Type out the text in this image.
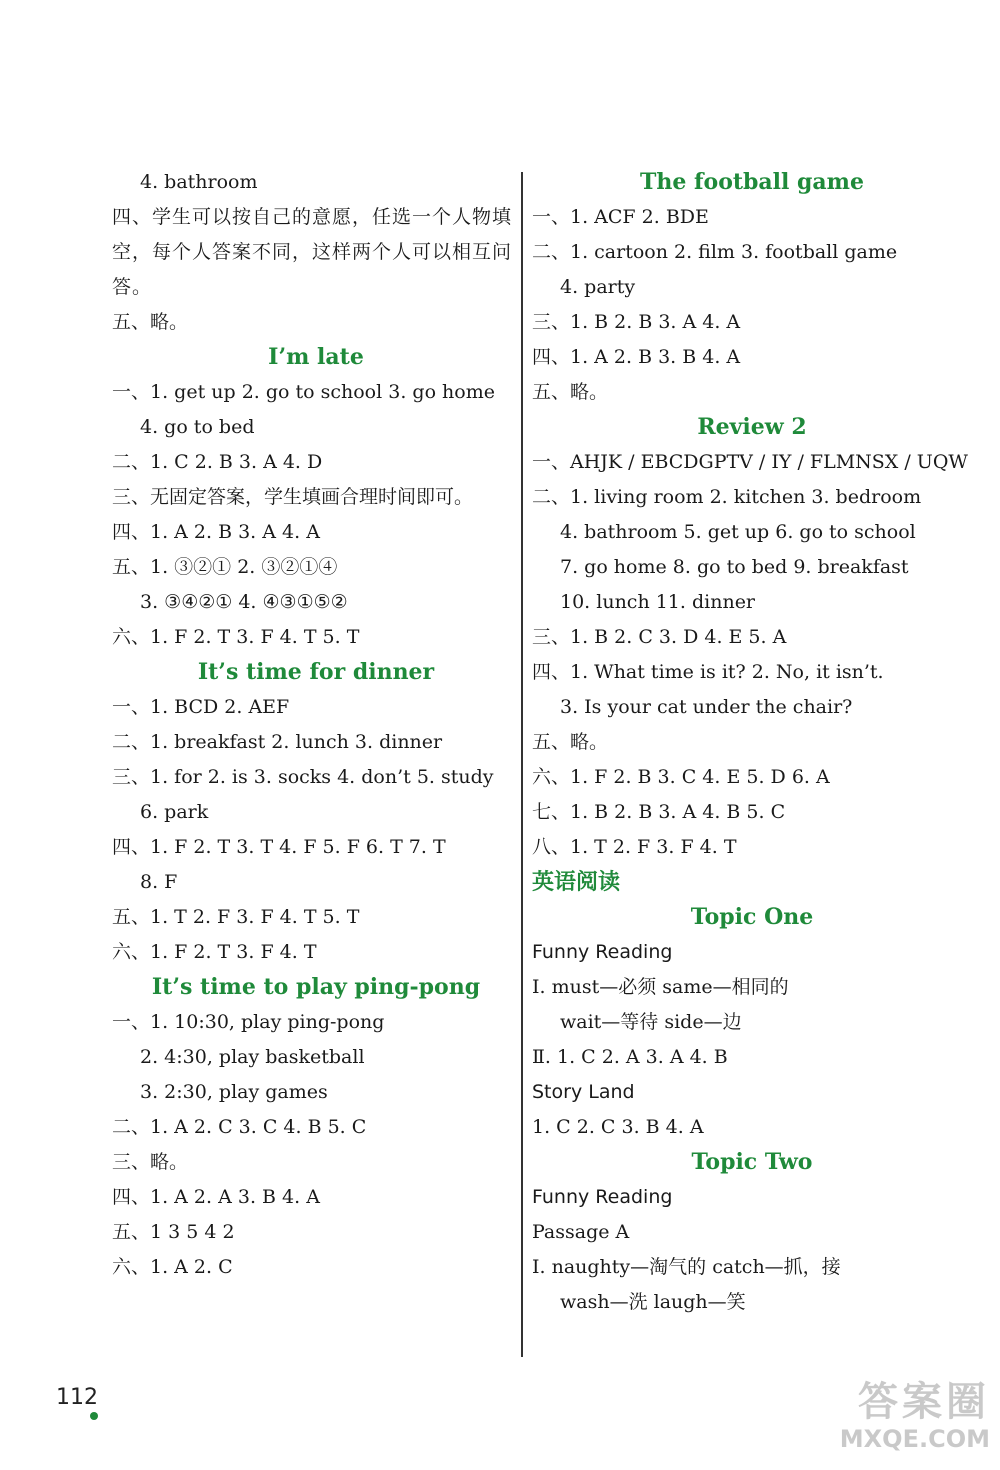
4. bathroom
四、学生可以按自己的意愿，任选一个人物填空，每个人答案不同，这样两个人可以相互问答。
五、略。
I’m late
一、1. get up 2. go to school 3. go home
4. go to bed
二、1. C 2. B 3. A 4. D
三、无固定答案，学生填画合理时间即可。
四、1. A 2. B 3. A 4. A
五、1. ③②① 2. ③②①④
3. ③④②① 4. ④③①⑤②
六、1. F 2. T 3. F 4. T 5. T
It’s time for dinner
一、1. BCD 2. AEF
二、1. breakfast 2. lunch 3. dinner
三、1. for 2. is 3. socks 4. don’t 5. study
6. park
四、1. F 2. T 3. T 4. F 5. F 6. T 7. T
8. F
五、1. T 2. F 3. F 4. T 5. T
六、1. F 2. T 3. F 4. T
It’s time to play ping-pong
一、1. 10:30, play ping-pong
2. 4:30, play basketball
3. 2:30, play games
二、1. A 2. C 3. C 4. B 5. C
三、略。
四、1. A 2. A 3. B 4. A
五、1 3 5 4 2
六、1. A 2. C
The football game
一、1. ACF 2. BDE
二、1. cartoon 2. film 3. football game
4. party
三、1. B 2. B 3. A 4. A
四、1. A 2. B 3. B 4. A
五、略。
Review 2
一、AHJK / EBCDGPTV / IY / FLMNSX / UQW
二、1. living room 2. kitchen 3. bedroom
4. bathroom 5. get up 6. go to school
7. go home 8. go to bed 9. breakfast
10. lunch 11. dinner
三、1. B 2. C 3. D 4. E 5. A
四、1. What time is it? 2. No, it isn’t.
3. Is your cat under the chair?
五、略。
六、1. F 2. B 3. C 4. E 5. D 6. A
七、1. B 2. B 3. A 4. B 5. C
八、1. T 2. F 3. F 4. T
英语阅读
Topic One
Funny Reading
Ⅰ. must—必须 same—相同的
wait—等待 side—边
Ⅱ. 1. C 2. A 3. A 4. B
Story Land
1. C 2. C 3. B 4. A
Topic Two
Funny Reading
Passage A
Ⅰ. naughty—淘气的 catch—抓，接
wash—洗 laugh—笑
112	答案圈
MXQE.COM
